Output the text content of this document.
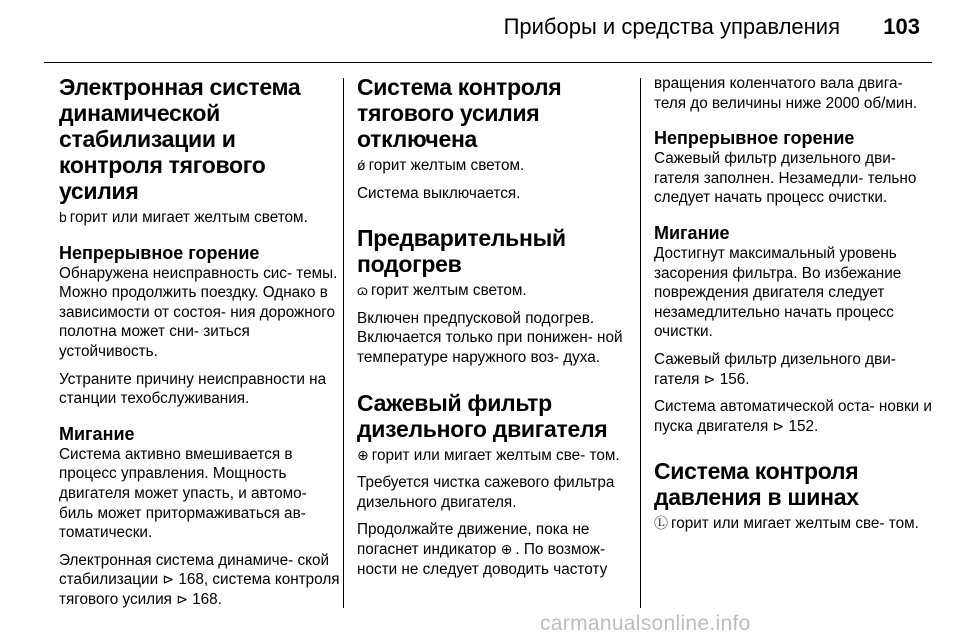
Приборы и средства управления 103
Электронная система динамической стабилизации и контроля тягового усилия

b горит или мигает желтым светом.

Непрерывное горение

Обнаружена неисправность сис- темы. Можно продолжить поездку. Однако в зависимости от состоя- ния дорожного полотна может сни- зиться устойчивость.

Устраните причину неисправности на станции техобслуживания.

Мигание

Система активно вмешивается в процесс управления. Мощность двигателя может упасть, и автомо- биль может притормаживаться ав- томатически.

Электронная система динамиче- ской стабилизации ⊳ 168, система контроля тягового усилия ⊳ 168.

Система контроля тягового усилия отключена

ǿ горит желтым светом.

Система выключается.

Предварительный подогрев

ɷ горит желтым светом.

Включен предпусковой подогрев. Включается только при понижен- ной температуре наружного воз- духа.

Сажевый фильтр дизельного двигателя

⊕ горит или мигает желтым све- том.

Требуется чистка сажевого фильтра дизельного двигателя.

Продолжайте движение, пока не погаснет индикатор ⊕ . По возмож- ности не следует доводить частоту

вращения коленчатого вала двига- теля до величины ниже 2000 об/мин.

Непрерывное горение

Сажевый фильтр дизельного дви- гателя заполнен. Незамедли- тельно следует начать процесс очистки.

Мигание

Достигнут максимальный уровень засорения фильтра. Во избежание повреждения двигателя следует незамедлительно начать процесс очистки.

Сажевый фильтр дизельного дви- гателя ⊳ 156.

Система автоматической оста- новки и пуска двигателя ⊳ 152.

Система контроля давления в шинах

Ⓛ горит или мигает желтым све- том.

carmanualsonline.info
